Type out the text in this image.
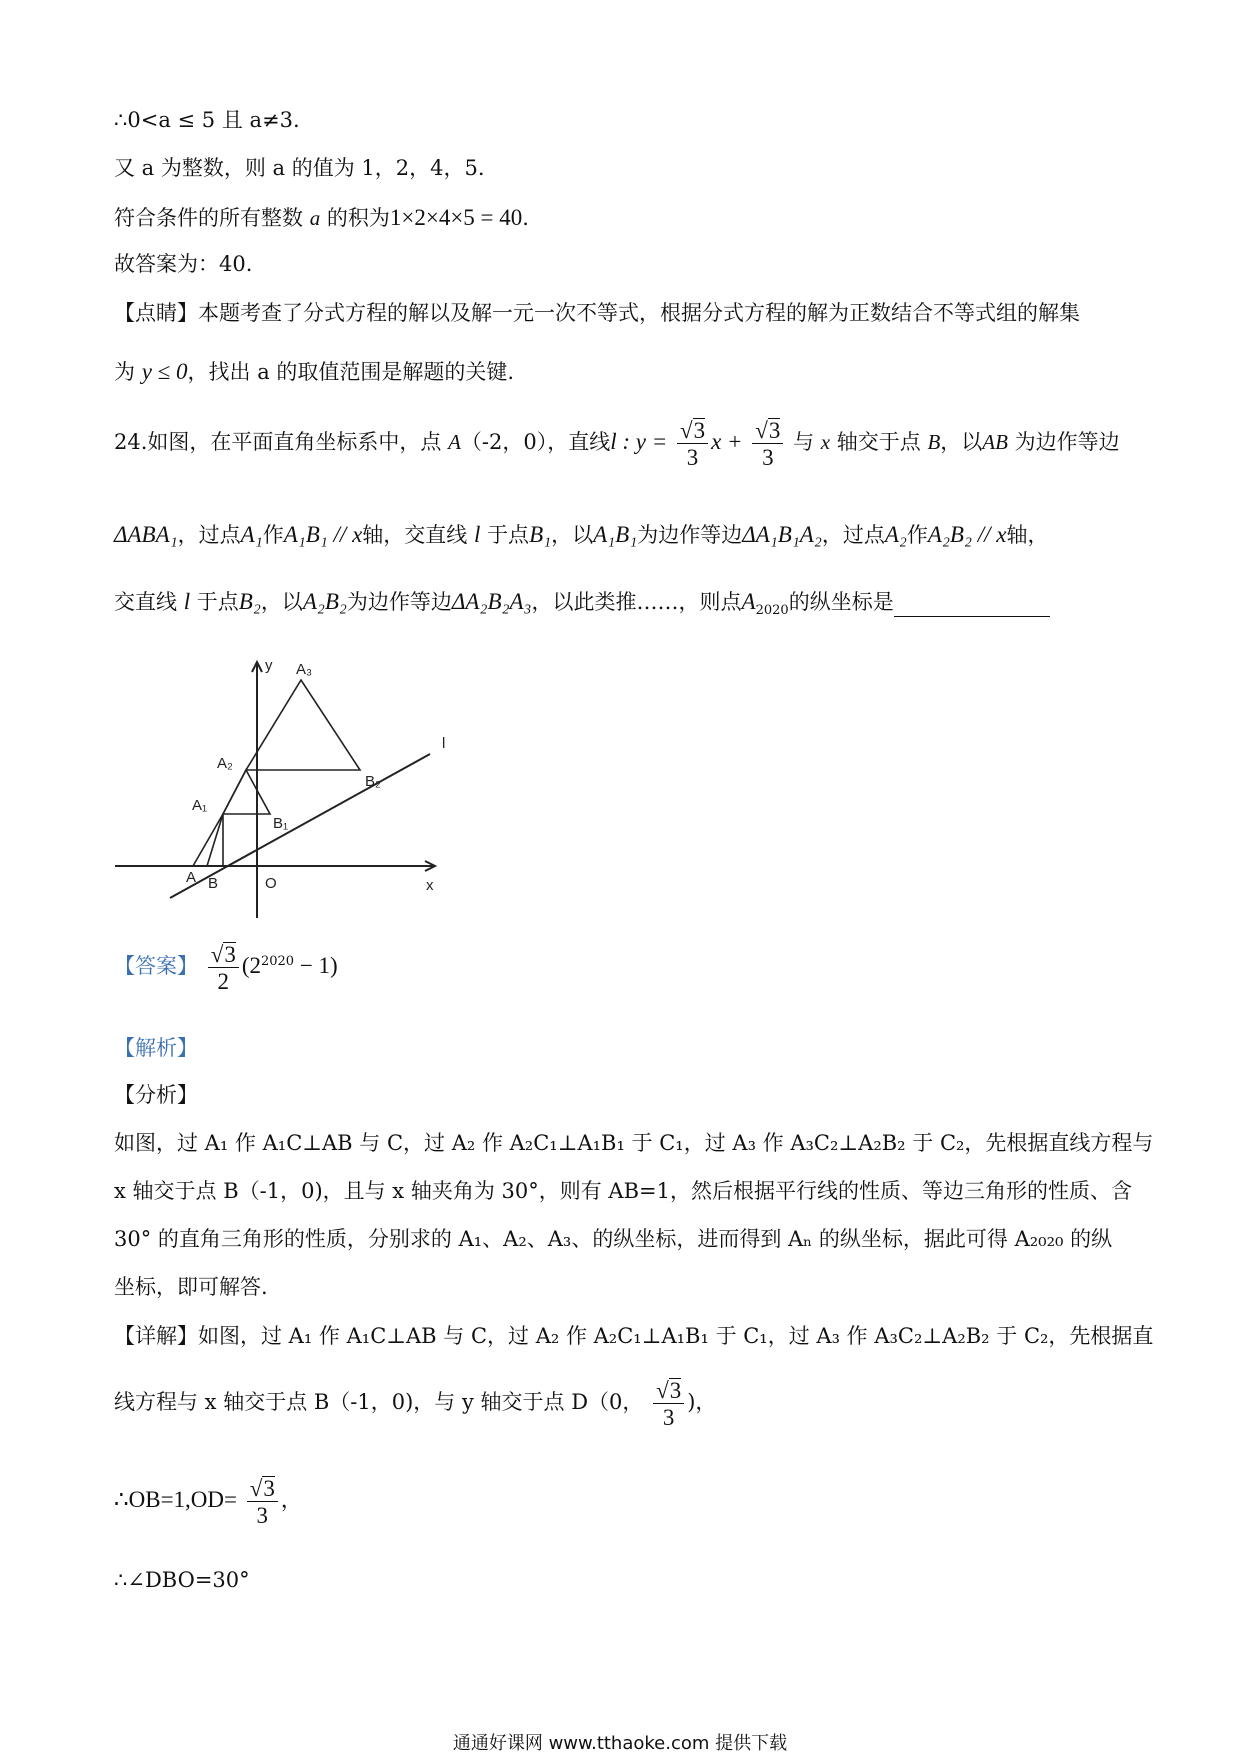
∴0<a ≤ 5 且 a≠3.
又 a 为整数，则 a 的值为 1，2，4，5.
符合条件的所有整数 a 的积为1×2×4×5 = 40.
故答案为：40.
【点睛】本题考查了分式方程的解以及解一元一次不等式，根据分式方程的解为正数结合不等式组的解集
为 y ≤ 0，找出 a 的取值范围是解题的关键.
24.如图，在平面直角坐标系中，点 A（-2，0），直线l : $y = \frac{√3}{3}$ $x + \frac{√3}{3}$ 与 x 轴交于点 B，以AB 为边作等边
ΔABA₁，过点A₁作A₁B₁ // x轴，交直线 l 于点B₁，以A₁B₁为边作等边ΔA₁B₁A₂，过点A₂作A₂B₂ // x轴，
交直线 l 于点B₂，以A₂B₂为边作等边ΔA₂B₂A₃，以此类推……，则点$A_{2020}$的纵坐标是
y
x
O
A B
A₁
B₁
A₂
B₂
A₃
l
【答案】 $\frac{√3}{2} (2^{2020} - 1)$
【解析】
【分析】
如图，过 A₁ 作 A₁C⊥AB 与 C，过 A₂ 作 A₂C₁⊥A₁B₁ 于 C₁，过 A₃ 作 A₃C₂⊥A₂B₂ 于 C₂，先根据直线方程与
x 轴交于点 B（-1，0)，且与 x 轴夹角为 30°，则有 AB=1，然后根据平行线的性质、等边三角形的性质、含
30° 的直角三角形的性质，分别求的 A₁、A₂、A₃、的纵坐标，进而得到 Aₙ 的纵坐标，据此可得 A₂₀₂₀ 的纵
坐标，即可解答.
【详解】如图，过 A₁ 作 A₁C⊥AB 与 C，过 A₂ 作 A₂C₁⊥A₁B₁ 于 C₁，过 A₃ 作 A₃C₂⊥A₂B₂ 于 C₂，先根据直
线方程与 x 轴交于点 B（-1，0)，与 y 轴交于点 D（0， $\frac{√3}{3}$ )，
∴OB=1,OD= $\frac{√3}{3}$ ，
∴∠DBO=30°
通通好课网 www.tthaoke.com 提供下载
